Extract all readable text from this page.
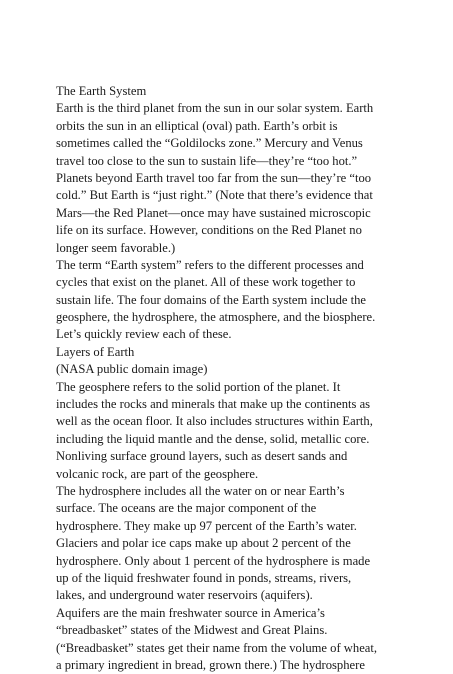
The Earth System
Earth is the third planet from the sun in our solar system. Earth
orbits the sun in an elliptical (oval) path. Earth’s orbit is
sometimes called the “Goldilocks zone.” Mercury and Venus
travel too close to the sun to sustain life—they’re “too hot.”
Planets beyond Earth travel too far from the sun—they’re “too
cold.” But Earth is “just right.” (Note that there’s evidence that
Mars—the Red Planet—once may have sustained microscopic
life on its surface. However, conditions on the Red Planet no
longer seem favorable.)
The term “Earth system” refers to the different processes and
cycles that exist on the planet. All of these work together to
sustain life. The four domains of the Earth system include the
geosphere, the hydrosphere, the atmosphere, and the biosphere.
Let’s quickly review each of these.
Layers of Earth
(NASA public domain image)
The geosphere refers to the solid portion of the planet. It
includes the rocks and minerals that make up the continents as
well as the ocean floor. It also includes structures within Earth,
including the liquid mantle and the dense, solid, metallic core.
Nonliving surface ground layers, such as desert sands and
volcanic rock, are part of the geosphere.
The hydrosphere includes all the water on or near Earth’s
surface. The oceans are the major component of the
hydrosphere. They make up 97 percent of the Earth’s water.
Glaciers and polar ice caps make up about 2 percent of the
hydrosphere. Only about 1 percent of the hydrosphere is made
up of the liquid freshwater found in ponds, streams, rivers,
lakes, and underground water reservoirs (aquifers).
Aquifers are the main freshwater source in America’s
“breadbasket” states of the Midwest and Great Plains.
(“Breadbasket” states get their name from the volume of wheat,
a primary ingredient in bread, grown there.) The hydrosphere
